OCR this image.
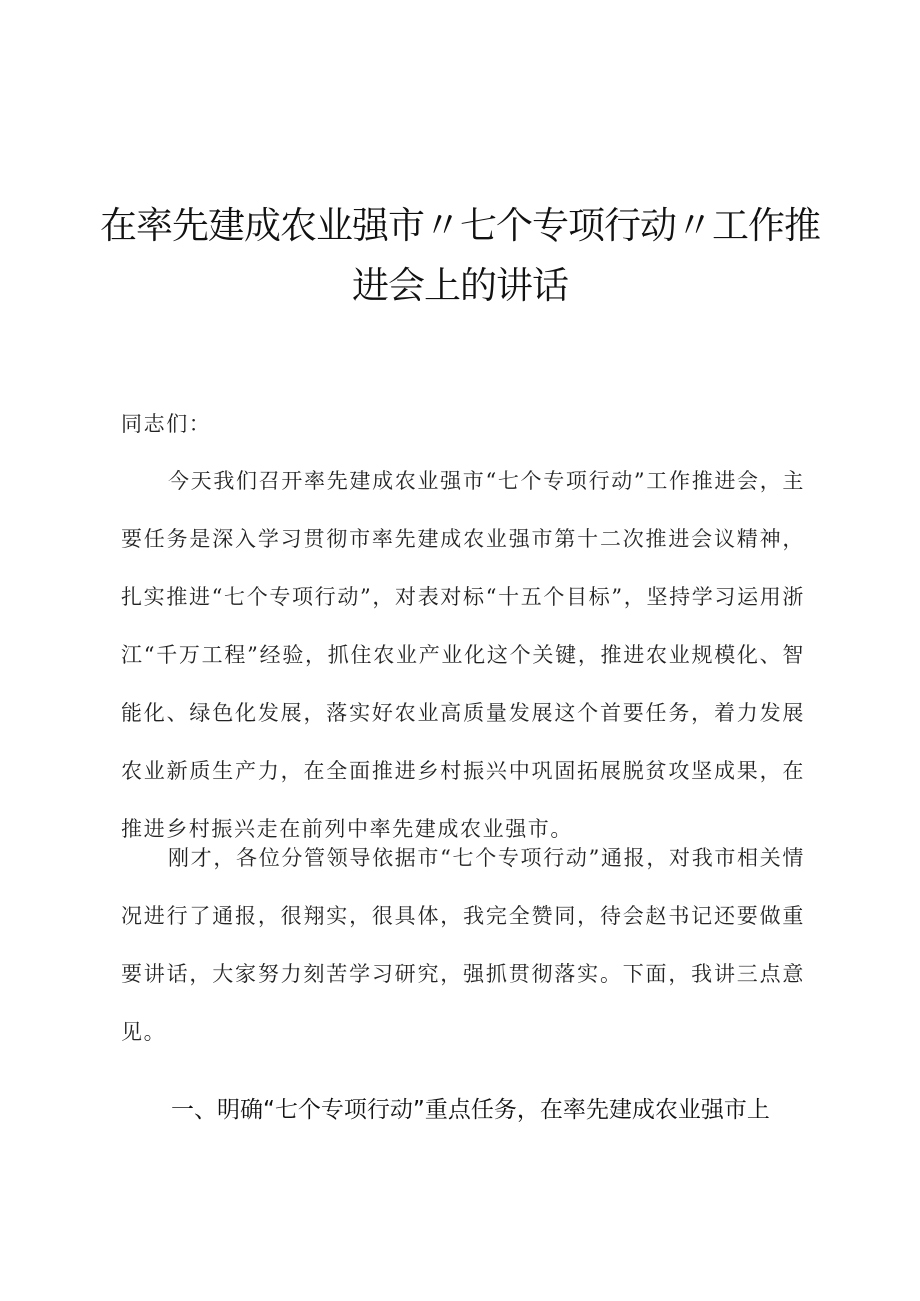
在率先建成农业强市〃七个专项行动〃工作推
进会上的讲话

同志们：

今天我们召开率先建成农业强市“七个专项行动”工作推进会，主要任务是深入学习贯彻市率先建成农业强市第十二次推进会议精神，扎实推进“七个专项行动”，对表对标“十五个目标”，坚持学习运用浙江“千万工程”经验，抓住农业产业化这个关键，推进农业规模化、智能化、绿色化发展，落实好农业高质量发展这个首要任务，着力发展农业新质生产力，在全面推进乡村振兴中巩固拓展脱贫攻坚成果，在推进乡村振兴走在前列中率先建成农业强市。

刚才，各位分管领导依据市“七个专项行动”通报，对我市相关情况进行了通报，很翔实，很具体，我完全赞同，待会赵书记还要做重要讲话，大家努力刻苦学习研究，强抓贯彻落实。下面，我讲三点意见。

一、明确“七个专项行动”重点任务，在率先建成农业强市上
